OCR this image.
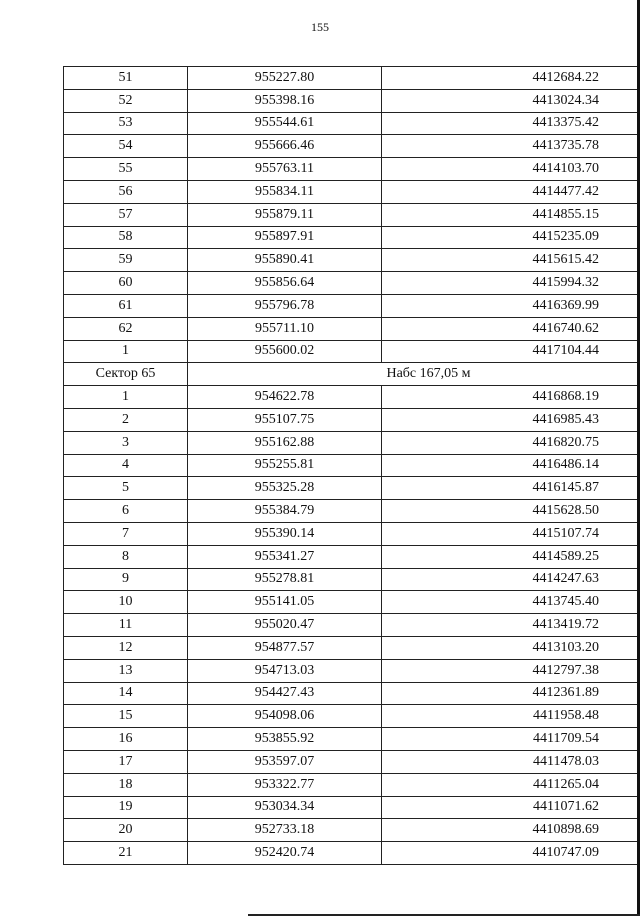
155
51	955227.80	4412684.22
52	955398.16	4413024.34
53	955544.61	4413375.42
54	955666.46	4413735.78
55	955763.11	4414103.70
56	955834.11	4414477.42
57	955879.11	4414855.15
58	955897.91	4415235.09
59	955890.41	4415615.42
60	955856.64	4415994.32
61	955796.78	4416369.99
62	955711.10	4416740.62
1	955600.02	4417104.44
Сектор 65	Набс 167,05 м	
1	954622.78	4416868.19
2	955107.75	4416985.43
3	955162.88	4416820.75
4	955255.81	4416486.14
5	955325.28	4416145.87
6	955384.79	4415628.50
7	955390.14	4415107.74
8	955341.27	4414589.25
9	955278.81	4414247.63
10	955141.05	4413745.40
11	955020.47	4413419.72
12	954877.57	4413103.20
13	954713.03	4412797.38
14	954427.43	4412361.89
15	954098.06	4411958.48
16	953855.92	4411709.54
17	953597.07	4411478.03
18	953322.77	4411265.04
19	953034.34	4411071.62
20	952733.18	4410898.69
21	952420.74	4410747.09
